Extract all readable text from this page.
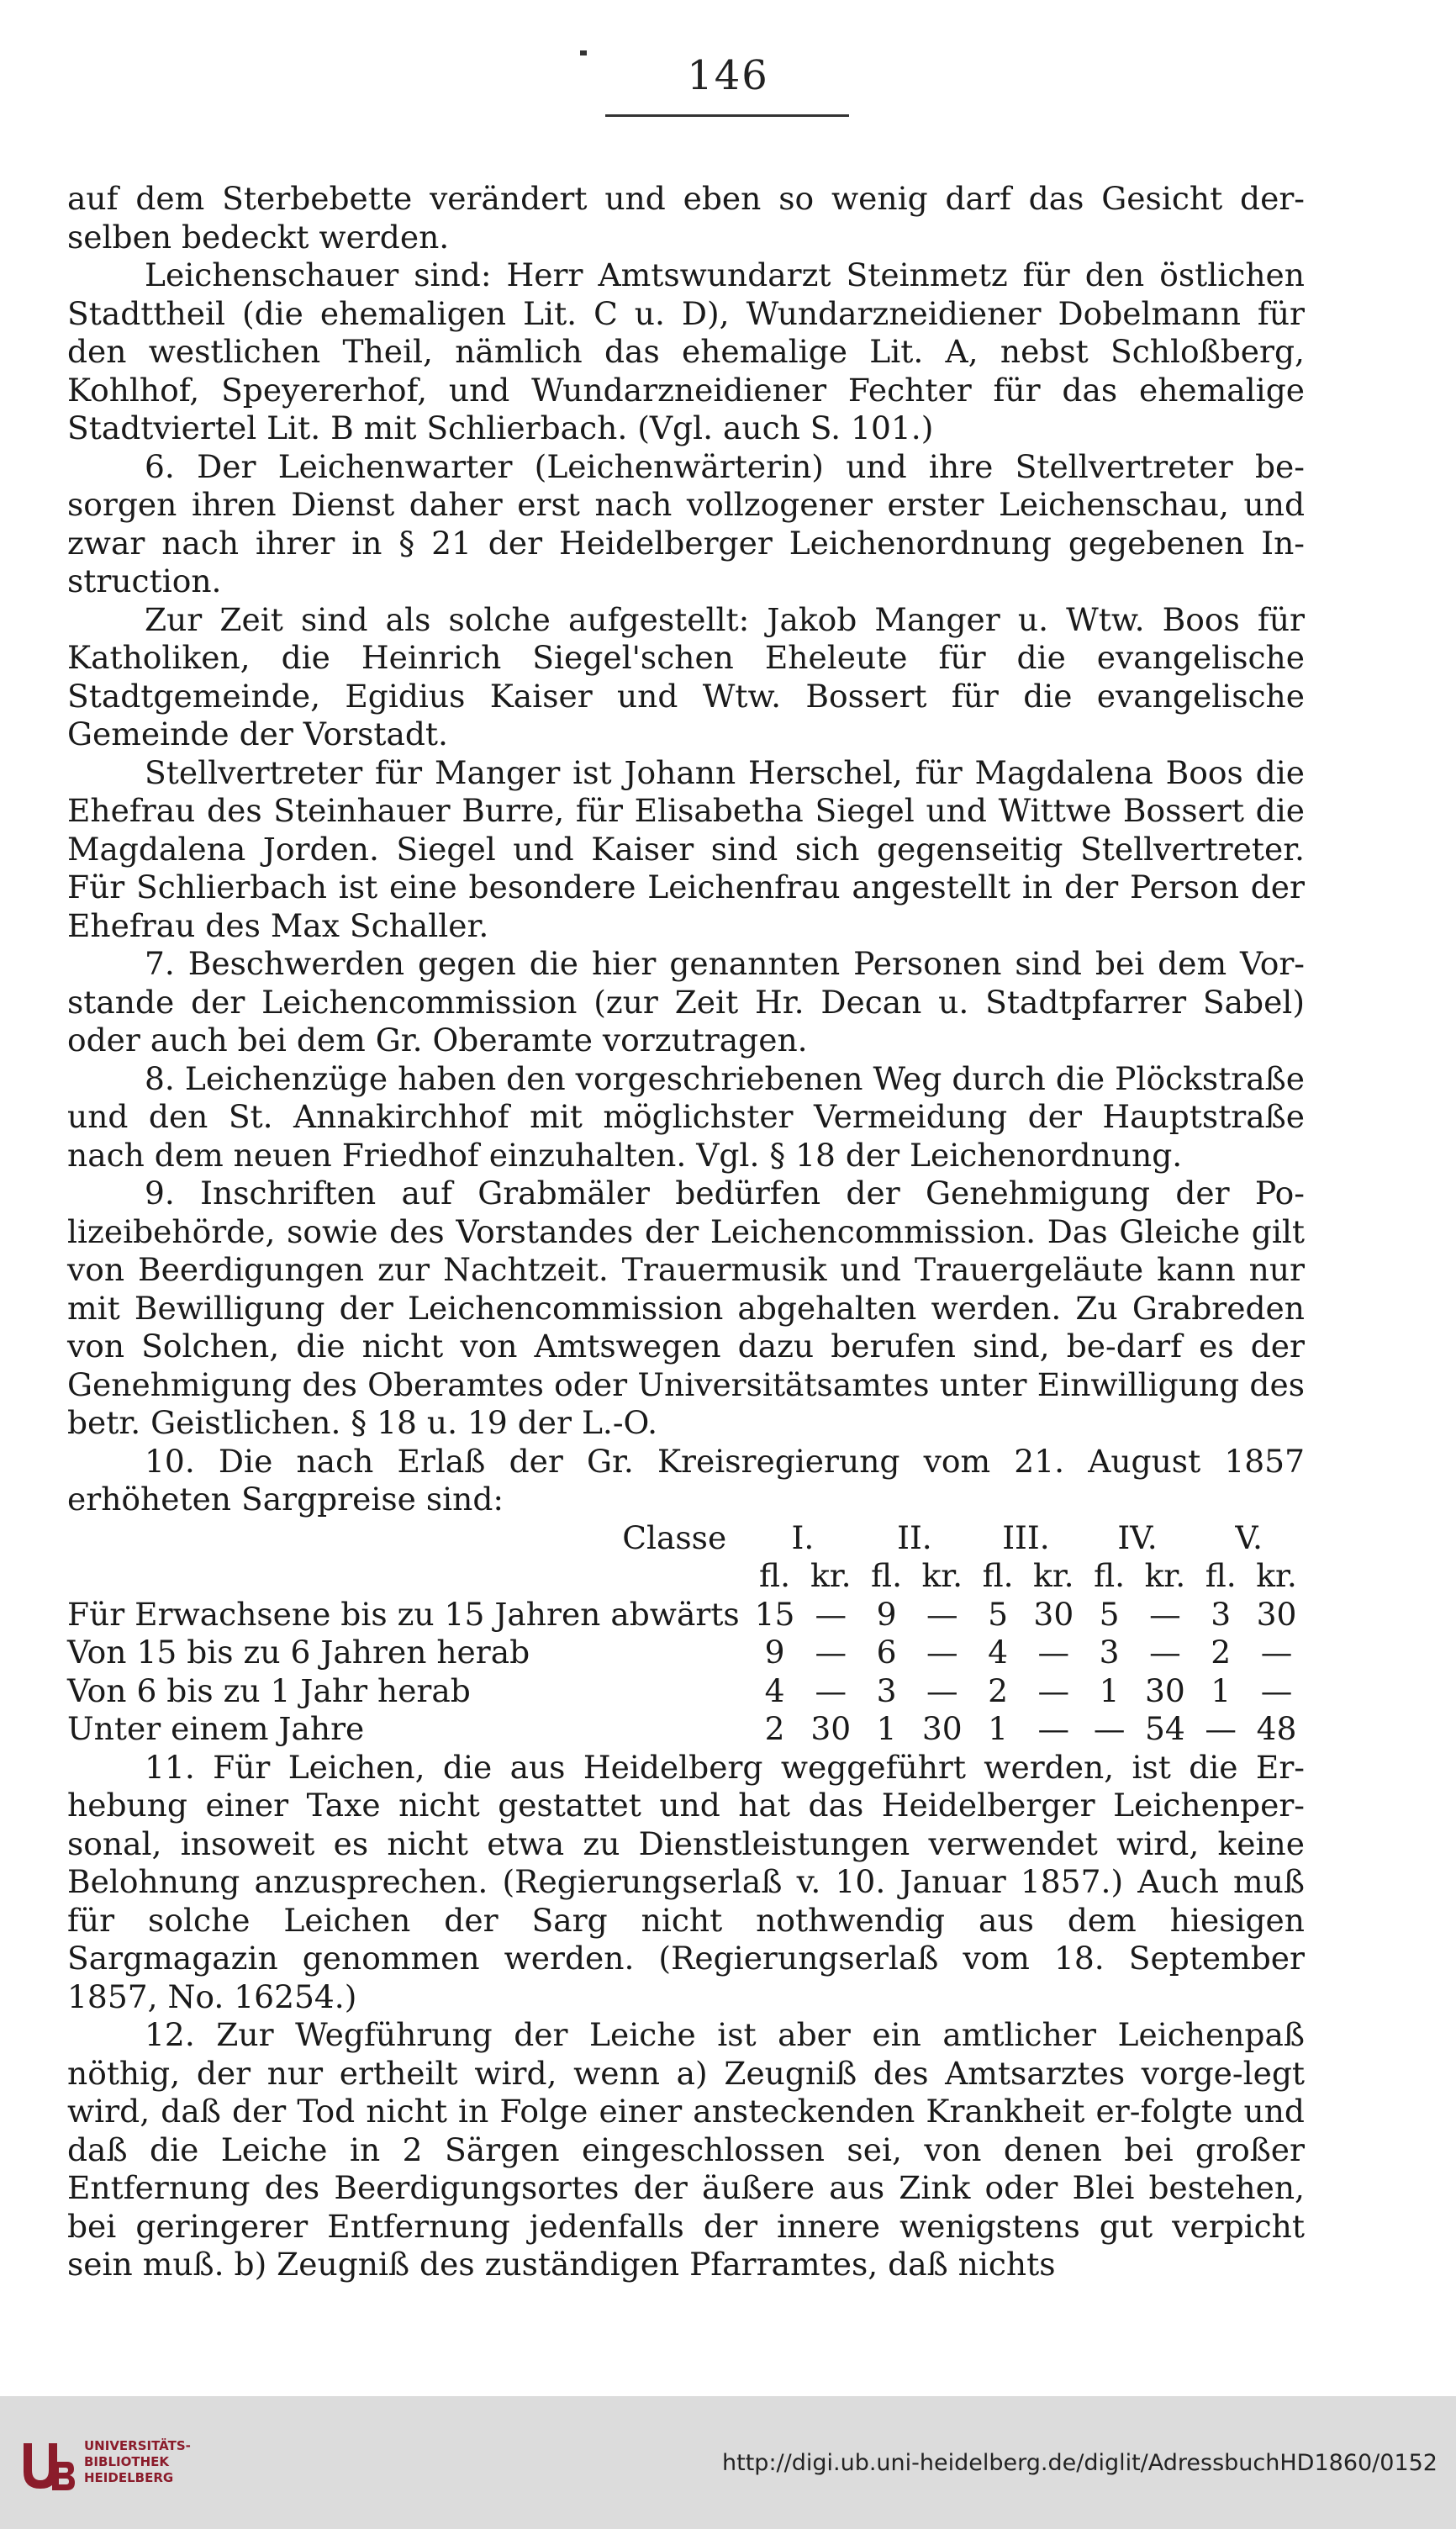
146

auf dem Sterbebette verändert und eben so wenig darf das Gesicht der-selben bedeckt werden.

Leichenschauer sind: Herr Amtswundarzt Steinmetz für den östlichen Stadttheil (die ehemaligen Lit. C u. D), Wundarzneidiener Dobelmann für den westlichen Theil, nämlich das ehemalige Lit. A, nebst Schloßberg, Kohlhof, Speyererhof, und Wundarzneidiener Fechter für das ehemalige Stadtviertel Lit. B mit Schlierbach. (Vgl. auch S. 101.)

6. Der Leichenwarter (Leichenwärterin) und ihre Stellvertreter be-sorgen ihren Dienst daher erst nach vollzogener erster Leichenschau, und zwar nach ihrer in § 21 der Heidelberger Leichenordnung gegebenen In-struction.

Zur Zeit sind als solche aufgestellt: Jakob Manger u. Wtw. Boos für Katholiken, die Heinrich Siegel'schen Eheleute für die evangelische Stadtgemeinde, Egidius Kaiser und Wtw. Bossert für die evangelische Gemeinde der Vorstadt.

Stellvertreter für Manger ist Johann Herschel, für Magdalena Boos die Ehefrau des Steinhauer Burre, für Elisabetha Siegel und Wittwe Bossert die Magdalena Jorden. Siegel und Kaiser sind sich gegenseitig Stellvertreter. Für Schlierbach ist eine besondere Leichenfrau angestellt in der Person der Ehefrau des Max Schaller.

7. Beschwerden gegen die hier genannten Personen sind bei dem Vor-stande der Leichencommission (zur Zeit Hr. Decan u. Stadtpfarrer Sabel) oder auch bei dem Gr. Oberamte vorzutragen.

8. Leichenzüge haben den vorgeschriebenen Weg durch die Plöckstraße und den St. Annakirchhof mit möglichster Vermeidung der Hauptstraße nach dem neuen Friedhof einzuhalten. Vgl. § 18 der Leichenordnung.

9. Inschriften auf Grabmäler bedürfen der Genehmigung der Po-lizeibehörde, sowie des Vorstandes der Leichencommission. Das Gleiche gilt von Beerdigungen zur Nachtzeit. Trauermusik und Trauergeläute kann nur mit Bewilligung der Leichencommission abgehalten werden. Zu Grabreden von Solchen, die nicht von Amtswegen dazu berufen sind, be-darf es der Genehmigung des Oberamtes oder Universitätsamtes unter Einwilligung des betr. Geistlichen. § 18 u. 19 der L.-O.

10. Die nach Erlaß der Gr. Kreisregierung vom 21. August 1857 erhöheten Sargpreise sind:

Classe	I.		II.		III.		IV.		V.	
	fl.	kr.	fl.	kr.	fl.	kr.	fl.	kr.	fl.	kr.
Für Erwachsene bis zu 15 Jahren abwärts	15	—	9	—	5	30	5	—	3	30
Von 15 bis zu 6 Jahren herab	9	—	6	—	4	—	3	—	2	—
Von 6 bis zu 1 Jahr herab	4	—	3	—	2	—	1	30	1	—
Unter einem Jahre	2	30	1	30	1	—	—	54	—	48

11. Für Leichen, die aus Heidelberg weggeführt werden, ist die Er-hebung einer Taxe nicht gestattet und hat das Heidelberger Leichenper-sonal, insoweit es nicht etwa zu Dienstleistungen verwendet wird, keine Belohnung anzusprechen. (Regierungserlaß v. 10. Januar 1857.) Auch muß für solche Leichen der Sarg nicht nothwendig aus dem hiesigen Sargmagazin genommen werden. (Regierungserlaß vom 18. September 1857, No. 16254.)

12. Zur Wegführung der Leiche ist aber ein amtlicher Leichenpaß nöthig, der nur ertheilt wird, wenn a) Zeugniß des Amtsarztes vorge-legt wird, daß der Tod nicht in Folge einer ansteckenden Krankheit er-folgte und daß die Leiche in 2 Särgen eingeschlossen sei, von denen bei großer Entfernung des Beerdigungsortes der äußere aus Zink oder Blei bestehen, bei geringerer Entfernung jedenfalls der innere wenigstens gut verpicht sein muß. b) Zeugniß des zuständigen Pfarramtes, daß nichts

UNIVERSITÄTS-
BIBLIOTHEK
HEIDELBERG
http://digi.ub.uni-heidelberg.de/diglit/AdressbuchHD1860/0152
